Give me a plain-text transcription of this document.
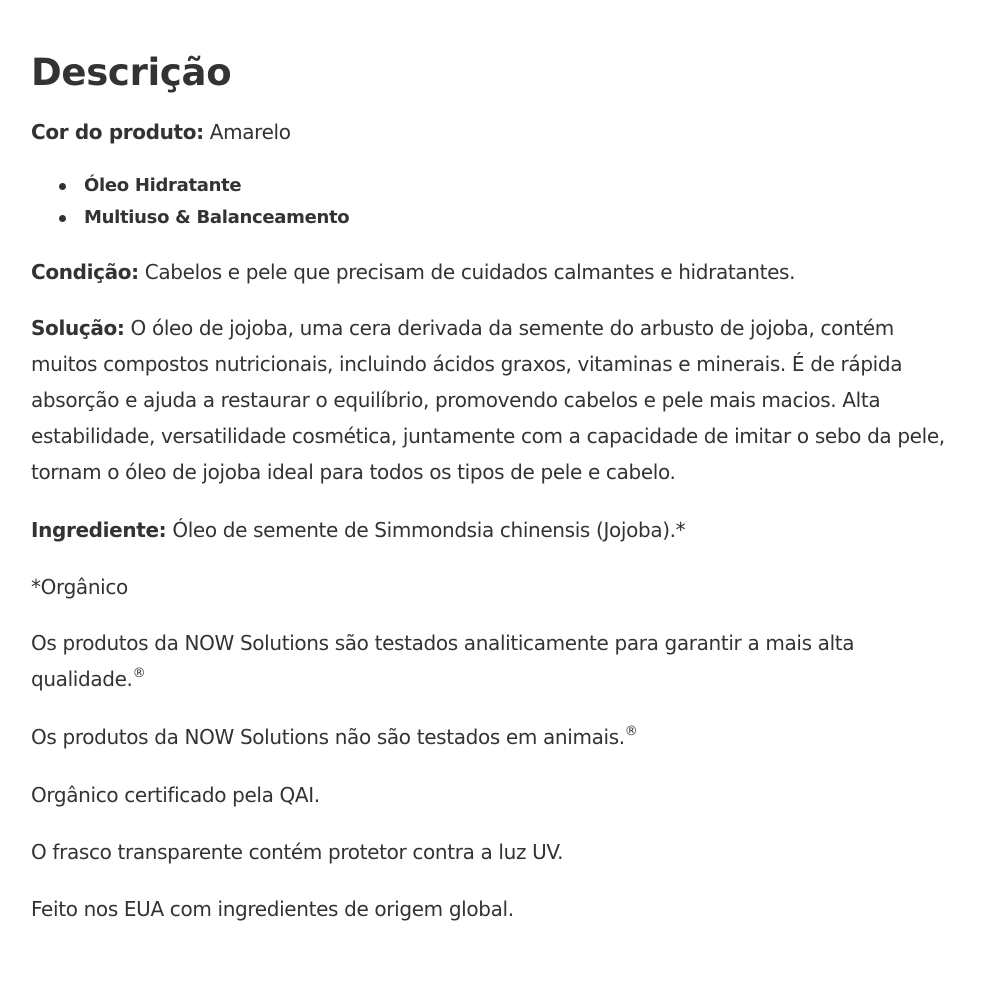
Descrição

Cor do produto: Amarelo

Óleo Hidratante
Multiuso & Balanceamento

Condição: Cabelos e pele que precisam de cuidados calmantes e hidratantes.

Solução: O óleo de jojoba, uma cera derivada da semente do arbusto de jojoba, contém muitos compostos nutricionais, incluindo ácidos graxos, vitaminas e minerais. É de rápida absorção e ajuda a restaurar o equilíbrio, promovendo cabelos e pele mais macios. Alta estabilidade, versatilidade cosmética, juntamente com a capacidade de imitar o sebo da pele, tornam o óleo de jojoba ideal para todos os tipos de pele e cabelo.

Ingrediente: Óleo de semente de Simmondsia chinensis (Jojoba).*

*Orgânico

Os produtos da NOW Solutions são testados analiticamente para garantir a mais alta qualidade.®

Os produtos da NOW Solutions não são testados em animais.®

Orgânico certificado pela QAI.

O frasco transparente contém protetor contra a luz UV.

Feito nos EUA com ingredientes de origem global.
